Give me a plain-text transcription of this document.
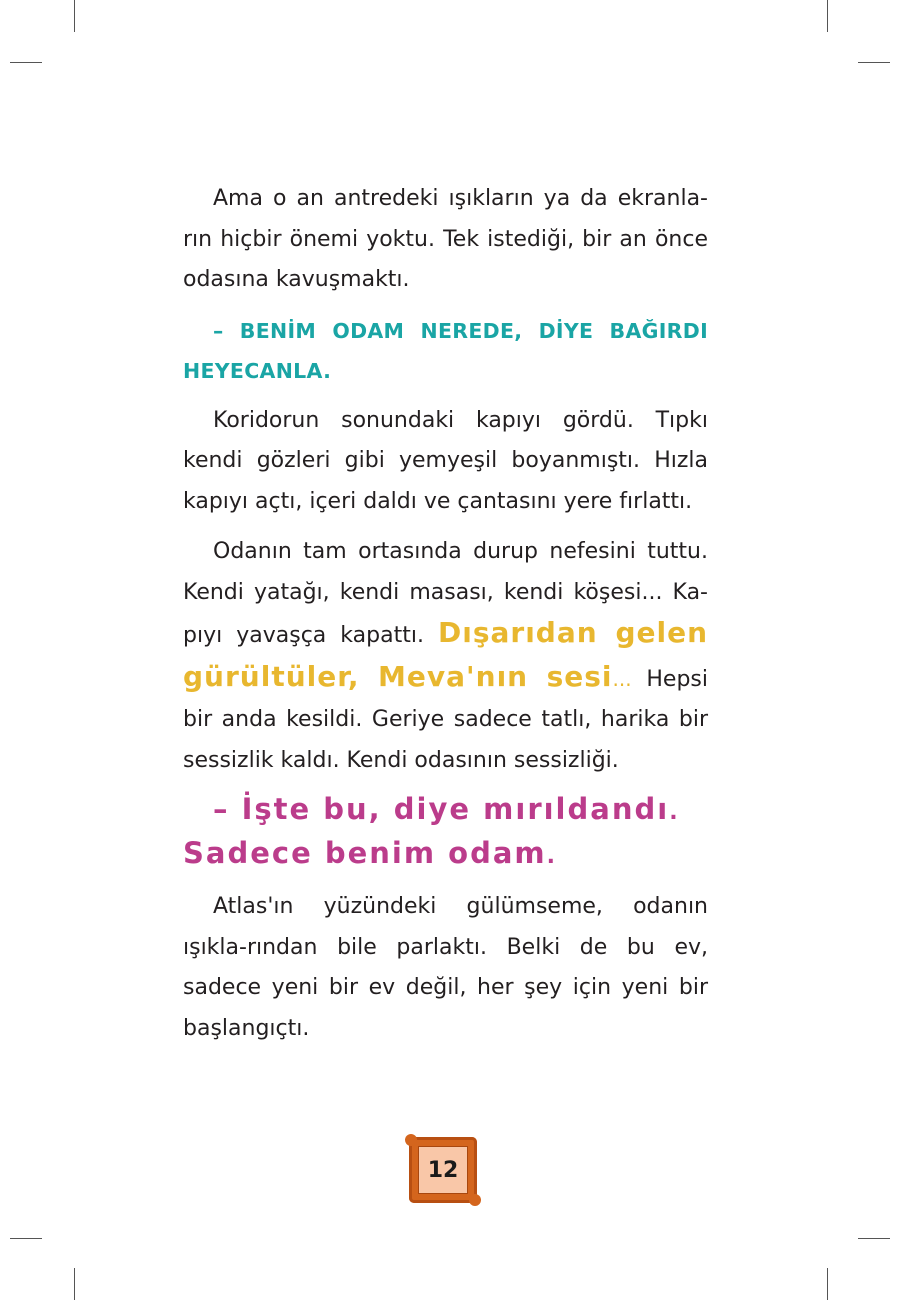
Ama o an antredeki ışıkların ya da ekranla-rın hiçbir önemi yoktu. Tek istediği, bir an önce odasına kavuşmaktı.

– BENİM ODAM NEREDE, DİYE BAĞIRDI HEYECANLA.

Koridorun sonundaki kapıyı gördü. Tıpkı kendi gözleri gibi yemyeşil boyanmıştı. Hızla kapıyı açtı, içeri daldı ve çantasını yere fırlattı.

Odanın tam ortasında durup nefesini tuttu. Kendi yatağı, kendi masası, kendi köşesi... Ka-pıyı yavaşça kapattı. Dışarıdan gelen gürültüler, Meva'nın sesi... Hepsi bir anda kesildi. Geriye sadece tatlı, harika bir sessizlik kaldı. Kendi odasının sessizliği.

– İşte bu, diye mırıldandı.
Sadece benim odam.

Atlas'ın yüzündeki gülümseme, odanın ışıkla-rından bile parlaktı. Belki de bu ev, sadece yeni bir ev değil, her şey için yeni bir başlangıçtı.

12
